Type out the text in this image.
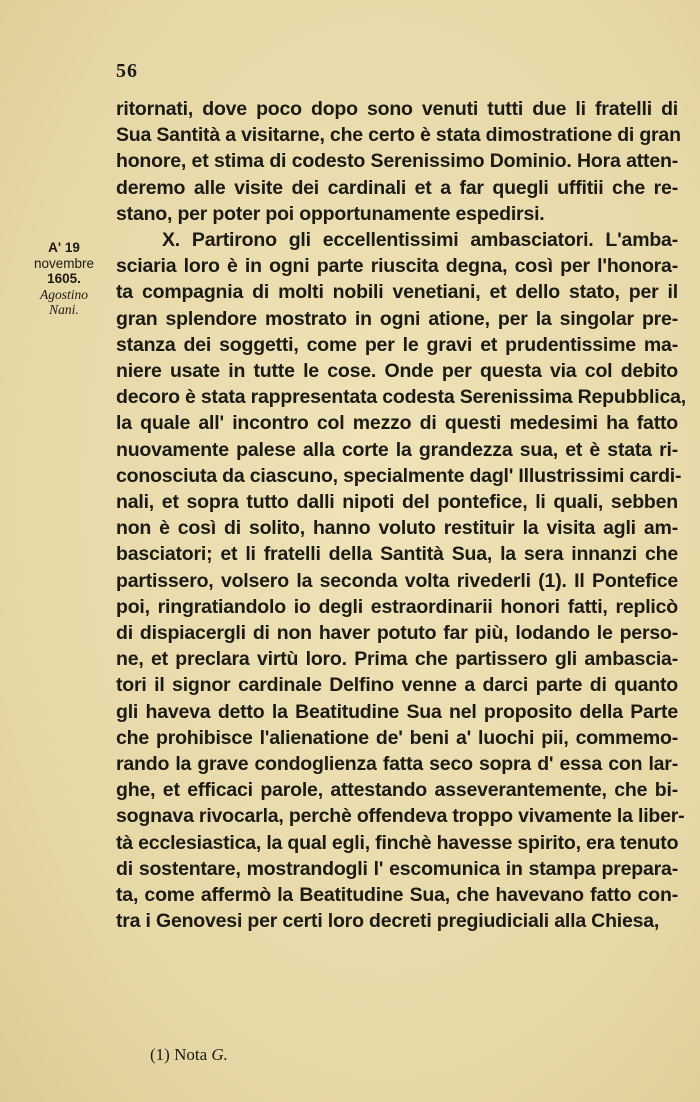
56
A' 19
novembre
1605.
Agostino
Nani.
ritornati, dove poco dopo sono venuti tutti due li fratelli di
Sua Santità a visitarne, che certo è stata dimostratione di gran
honore, et stima di codesto Serenissimo Dominio. Hora atten-
deremo alle visite dei cardinali et a far quegli uffitii che re-
stano, per poter poi opportunamente espedirsi.
X. Partirono gli eccellentissimi ambasciatori. L'amba-
sciaria loro è in ogni parte riuscita degna, così per l'honora-
ta compagnia di molti nobili venetiani, et dello stato, per il
gran splendore mostrato in ogni atione, per la singolar pre-
stanza dei soggetti, come per le gravi et prudentissime ma-
niere usate in tutte le cose. Onde per questa via col debito
decoro è stata rappresentata codesta Serenissima Repubblica,
la quale all' incontro col mezzo di questi medesimi ha fatto
nuovamente palese alla corte la grandezza sua, et è stata ri-
conosciuta da ciascuno, specialmente dagl' Illustrissimi cardi-
nali, et sopra tutto dalli nipoti del pontefice, li quali, sebben
non è così di solito, hanno voluto restituir la visita agli am-
basciatori; et li fratelli della Santità Sua, la sera innanzi che
partissero, volsero la seconda volta rivederli (1). Il Pontefice
poi, ringratiandolo io degli estraordinarii honori fatti, replicò
di dispiacergli di non haver potuto far più, lodando le perso-
ne, et preclara virtù loro. Prima che partissero gli ambascia-
tori il signor cardinale Delfino venne a darci parte di quanto
gli haveva detto la Beatitudine Sua nel proposito della Parte
che prohibisce l'alienatione de' beni a' luochi pii, commemo-
rando la grave condoglienza fatta seco sopra d' essa con lar-
ghe, et efficaci parole, attestando asseverantemente, che bi-
sognava rivocarla, perchè offendeva troppo vivamente la liber-
tà ecclesiastica, la qual egli, finchè havesse spirito, era tenuto
di sostentare, mostrandogli l' escomunica in stampa prepara-
ta, come affermò la Beatitudine Sua, che havevano fatto con-
tra i Genovesi per certi loro decreti pregiudiciali alla Chiesa,
(1) Nota G.
